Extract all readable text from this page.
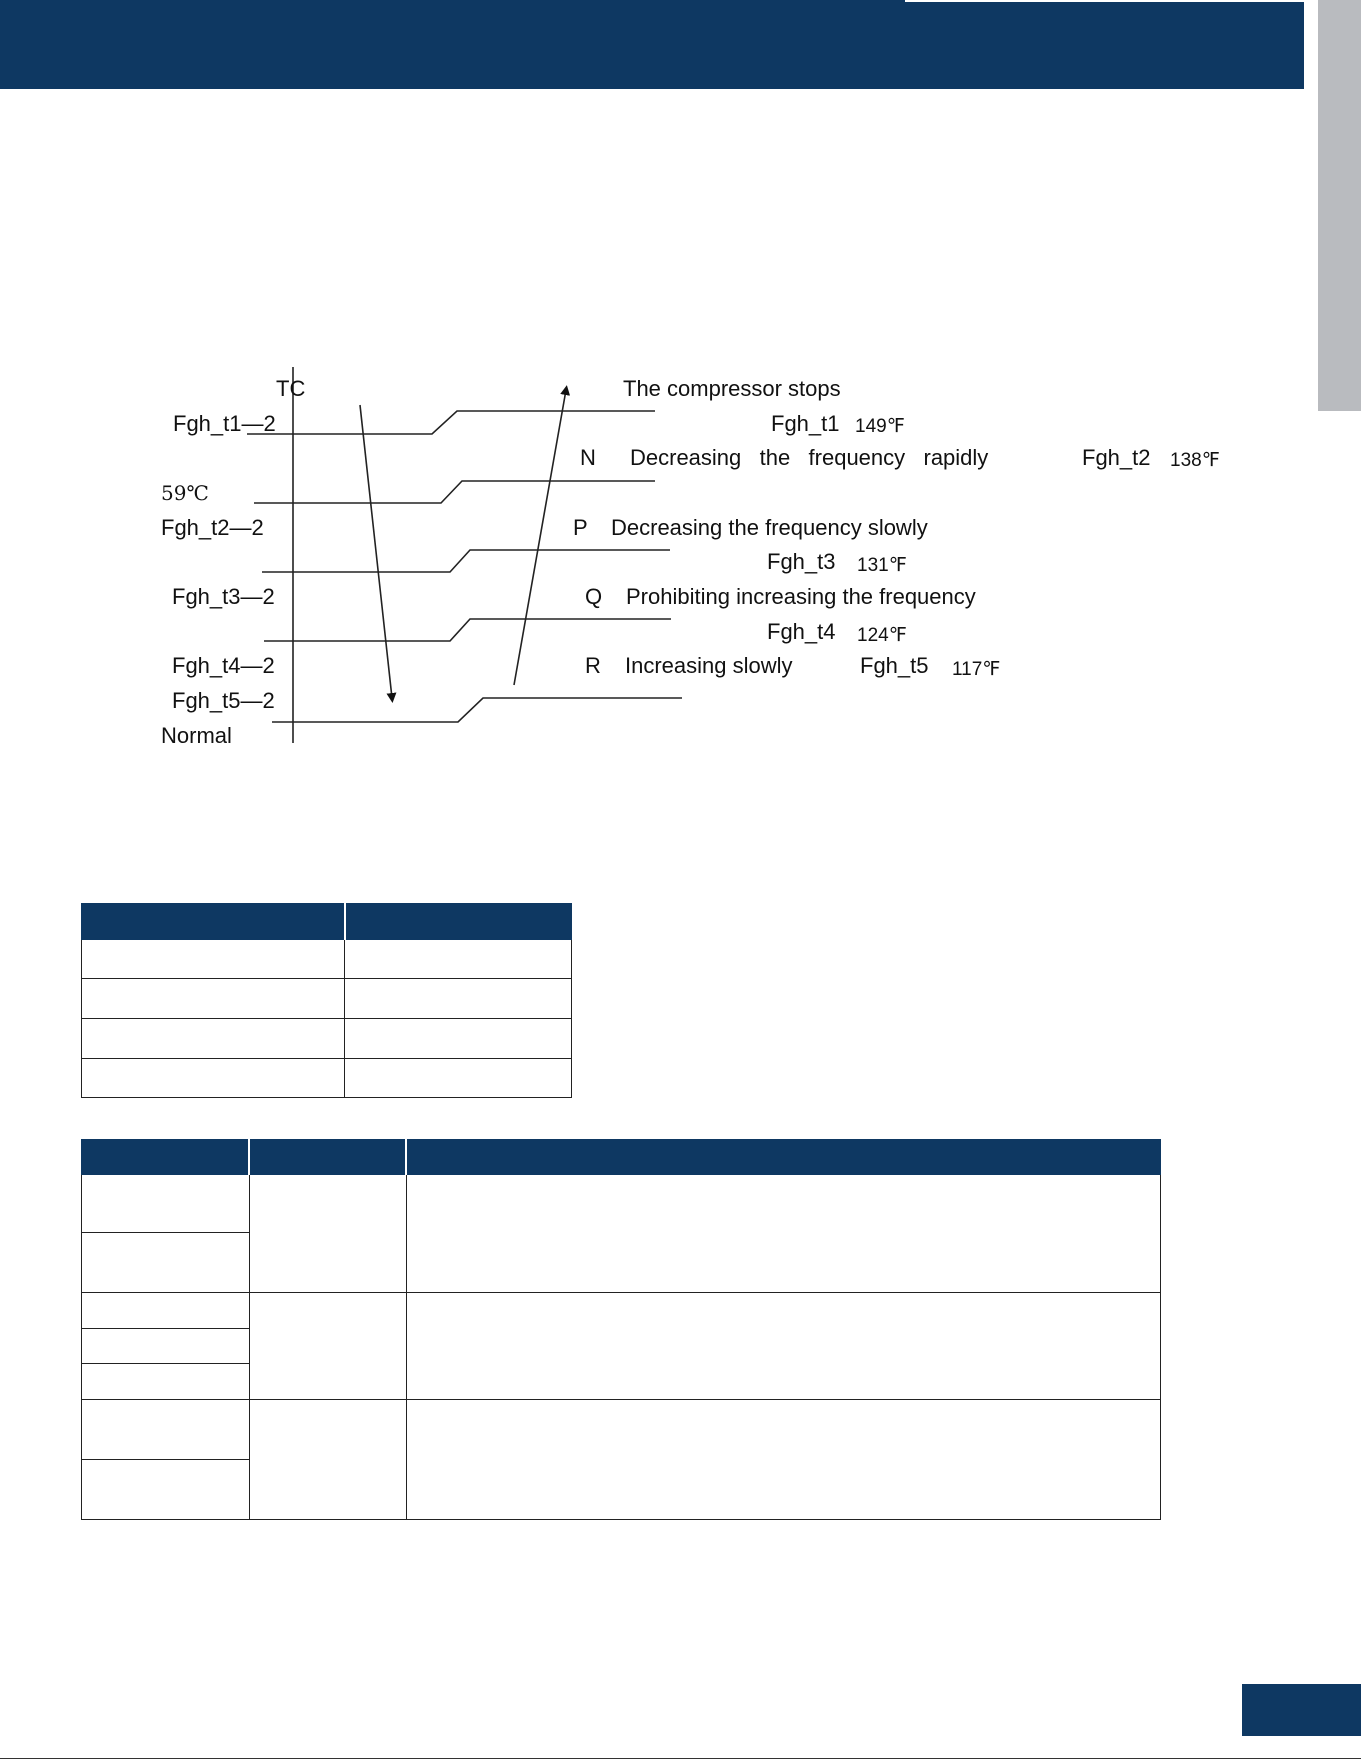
TC
Fgh_t1—2
59℃
Fgh_t2—2
Fgh_t3—2
Fgh_t4—2
Fgh_t5—2
Normal
The compressor stops
N Decreasing   the   frequency   rapidly
P Decreasing the frequency slowly
Q Prohibiting increasing the frequency
R Increasing slowly
Fgh_t1 149℉
Fgh_t2 138℉
Fgh_t3 131℉
Fgh_t4 124℉
Fgh_t5 117℉
